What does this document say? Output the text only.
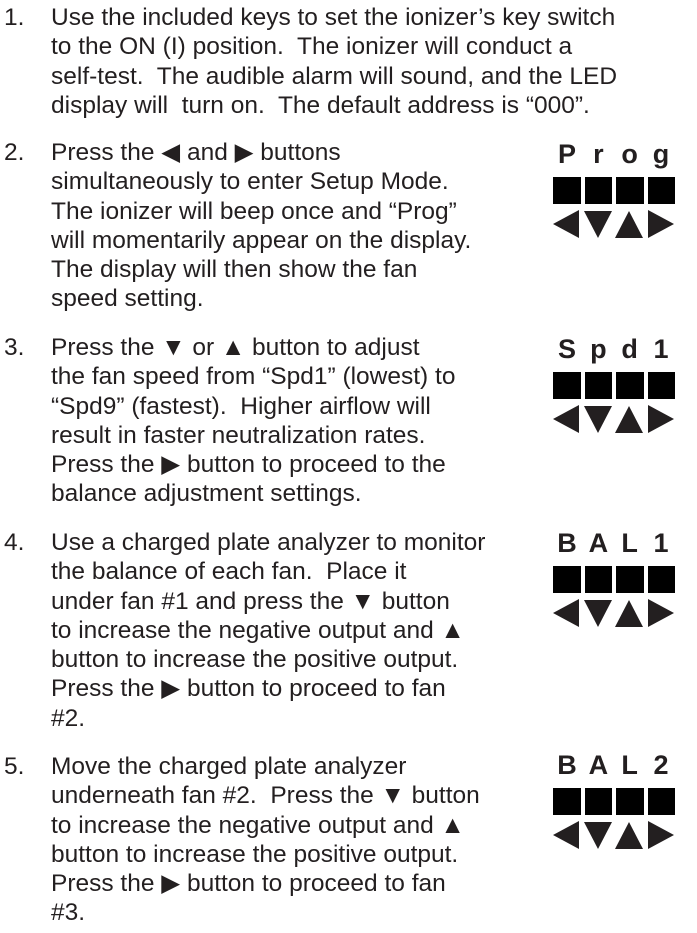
1. Use the included keys to set the ionizer’s key switch
to the ON (I) position.  The ionizer will conduct a
self-test.  The audible alarm will sound, and the LED
display will  turn on.  The default address is “000”.
2. Press the ◀ and ▶ buttons
simultaneously to enter Setup Mode.
The ionizer will beep once and “Prog”
will momentarily appear on the display.
The display will then show the fan
speed setting.
P r o g
3. Press the ▼ or ▲ button to adjust
the fan speed from “Spd1” (lowest) to
“Spd9” (fastest).  Higher airflow will
result in faster neutralization rates.
Press the ▶ button to proceed to the
balance adjustment settings.
S p d 1
4. Use a charged plate analyzer to monitor
the balance of each fan.  Place it
under fan #1 and press the ▼ button
to increase the negative output and ▲
button to increase the positive output.
Press the ▶ button to proceed to fan
#2.
B A L 1
5. Move the charged plate analyzer
underneath fan #2.  Press the ▼ button
to increase the negative output and ▲
button to increase the positive output.
Press the ▶ button to proceed to fan
#3.
B A L 2
